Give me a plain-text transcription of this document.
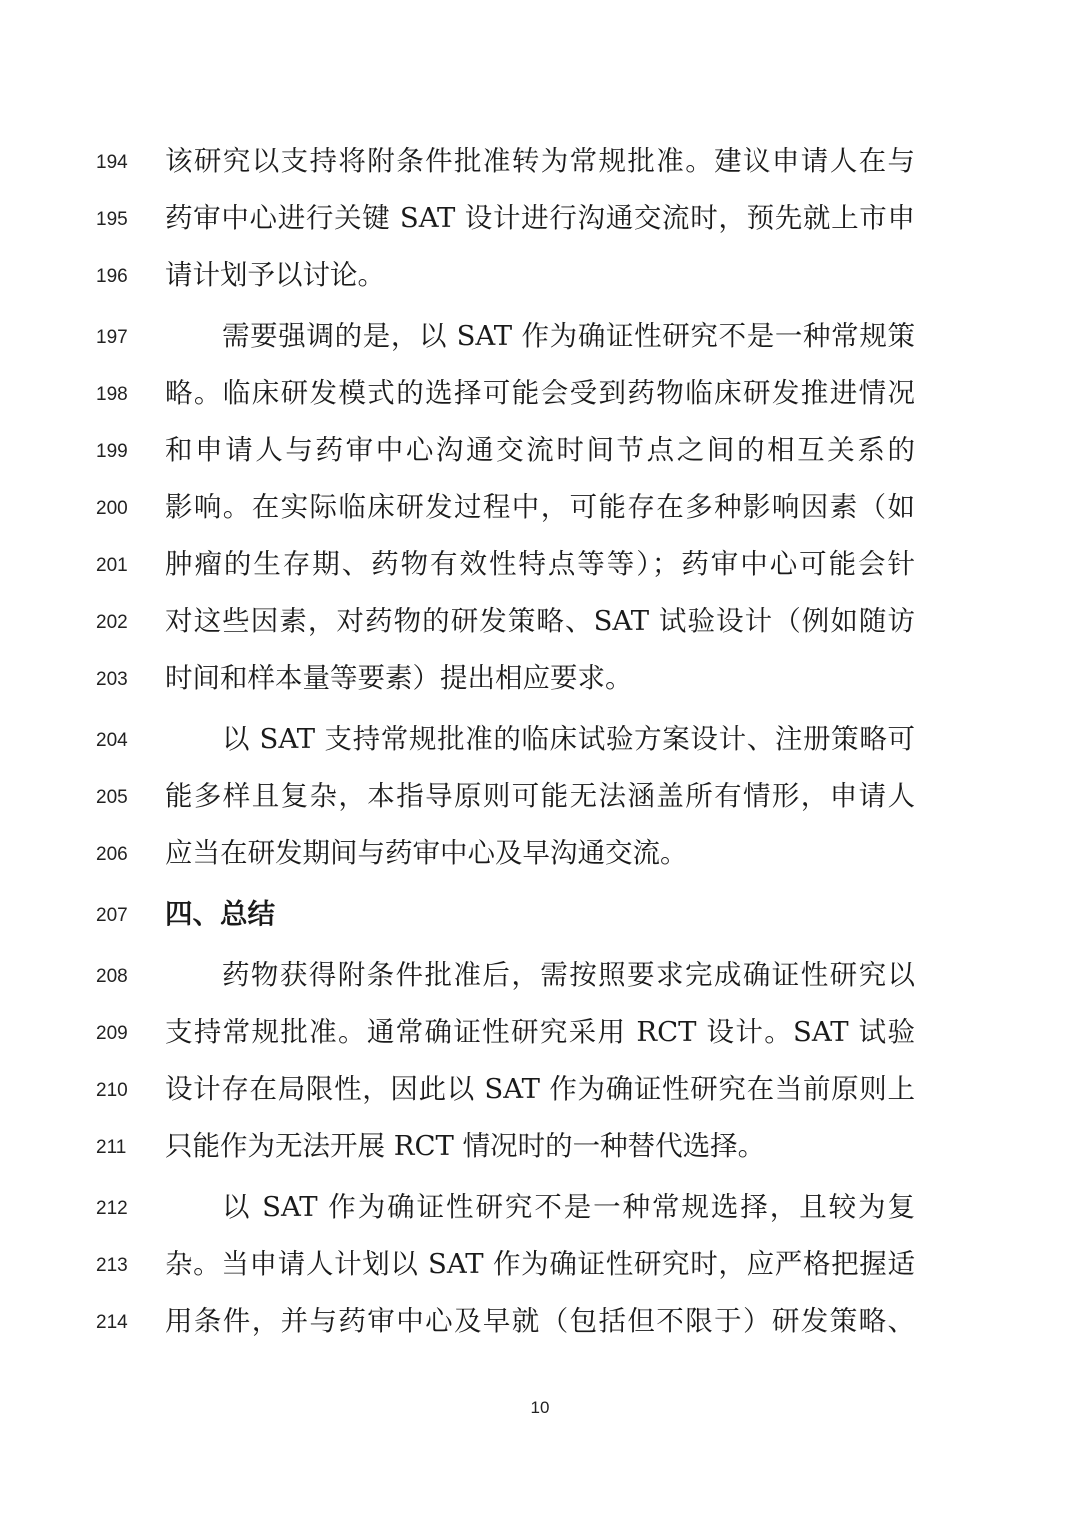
194	该研究以支持将附条件批准转为常规批准。建议申请人在与
195	药审中心进行关键 SAT 设计进行沟通交流时，预先就上市申
196	请计划予以讨论。
197	需要强调的是，以 SAT 作为确证性研究不是一种常规策
198	略。临床研发模式的选择可能会受到药物临床研发推进情况
199	和申请人与药审中心沟通交流时间节点之间的相互关系的
200	影响。在实际临床研发过程中，可能存在多种影响因素（如
201	肿瘤的生存期、药物有效性特点等等）；药审中心可能会针
202	对这些因素，对药物的研发策略、SAT 试验设计（例如随访
203	时间和样本量等要素）提出相应要求。
204	以 SAT 支持常规批准的临床试验方案设计、注册策略可
205	能多样且复杂，本指导原则可能无法涵盖所有情形，申请人
206	应当在研发期间与药审中心及早沟通交流。
207	四、总结
208	药物获得附条件批准后，需按照要求完成确证性研究以
209	支持常规批准。通常确证性研究采用 RCT 设计。SAT 试验
210	设计存在局限性，因此以 SAT 作为确证性研究在当前原则上
211	只能作为无法开展 RCT 情况时的一种替代选择。
212	以 SAT 作为确证性研究不是一种常规选择，且较为复
213	杂。当申请人计划以 SAT 作为确证性研究时，应严格把握适
214	用条件，并与药审中心及早就（包括但不限于）研发策略、
10
